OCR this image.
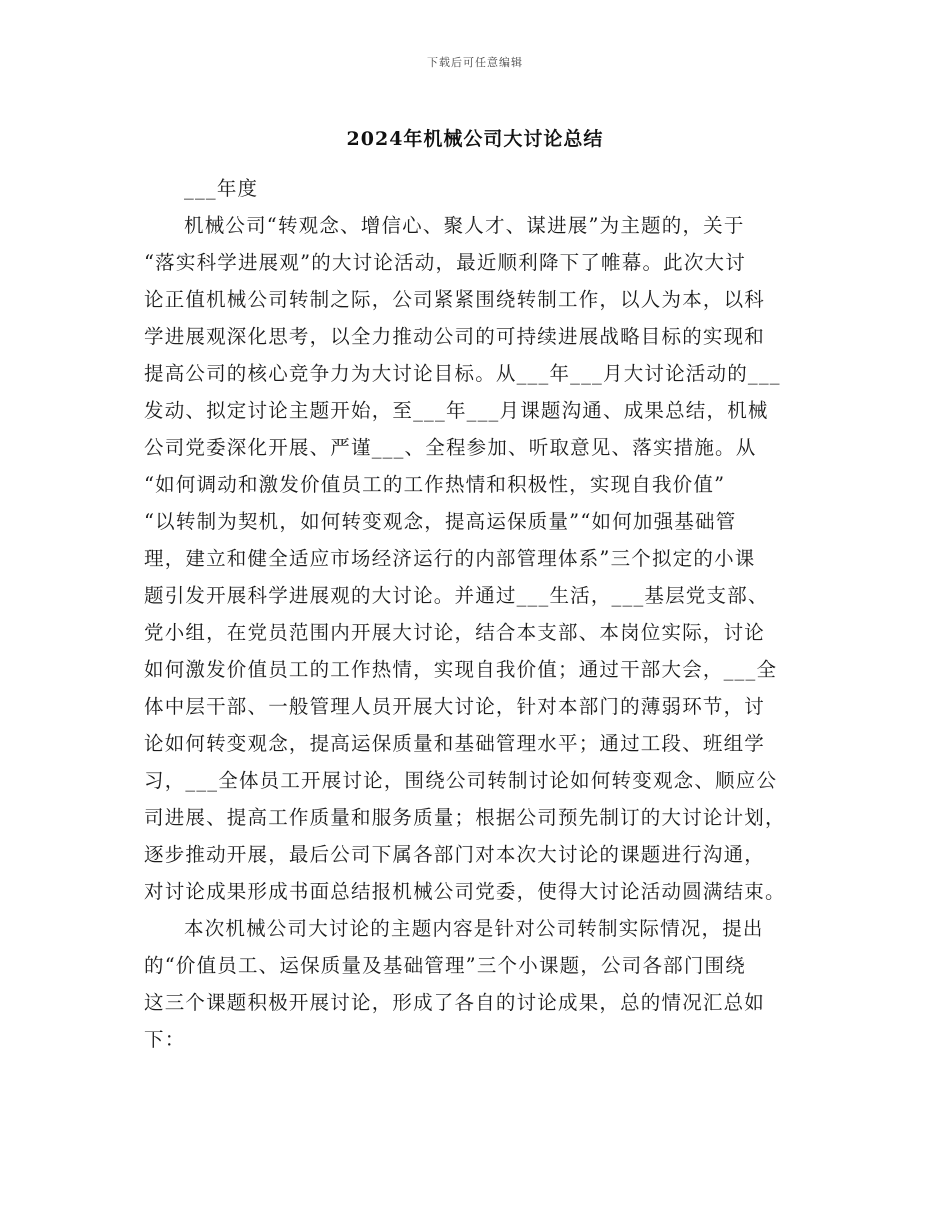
下载后可任意编辑
2024年机械公司大讨论总结
___年度
机械公司“转观念、增信心、聚人才、谋进展”为主题的，关于
“落实科学进展观”的大讨论活动，最近顺利降下了帷幕。此次大讨
论正值机械公司转制之际，公司紧紧围绕转制工作，以人为本，以科
学进展观深化思考，以全力推动公司的可持续进展战略目标的实现和
提高公司的核心竞争力为大讨论目标。从___年___月大讨论活动的___
发动、拟定讨论主题开始，至___年___月课题沟通、成果总结，机械
公司党委深化开展、严谨___、全程参加、听取意见、落实措施。从
“如何调动和激发价值员工的工作热情和积极性，实现自我价值”
“以转制为契机，如何转变观念，提高运保质量”“如何加强基础管
理，建立和健全适应市场经济运行的内部管理体系”三个拟定的小课
题引发开展科学进展观的大讨论。并通过___生活，___基层党支部、
党小组，在党员范围内开展大讨论，结合本支部、本岗位实际，讨论
如何激发价值员工的工作热情，实现自我价值；通过干部大会，___全
体中层干部、一般管理人员开展大讨论，针对本部门的薄弱环节，讨
论如何转变观念，提高运保质量和基础管理水平；通过工段、班组学
习，___全体员工开展讨论，围绕公司转制讨论如何转变观念、顺应公
司进展、提高工作质量和服务质量；根据公司预先制订的大讨论计划，
逐步推动开展，最后公司下属各部门对本次大讨论的课题进行沟通，
对讨论成果形成书面总结报机械公司党委，使得大讨论活动圆满结束。
本次机械公司大讨论的主题内容是针对公司转制实际情况，提出
的“价值员工、运保质量及基础管理”三个小课题，公司各部门围绕
这三个课题积极开展讨论，形成了各自的讨论成果，总的情况汇总如
下：
